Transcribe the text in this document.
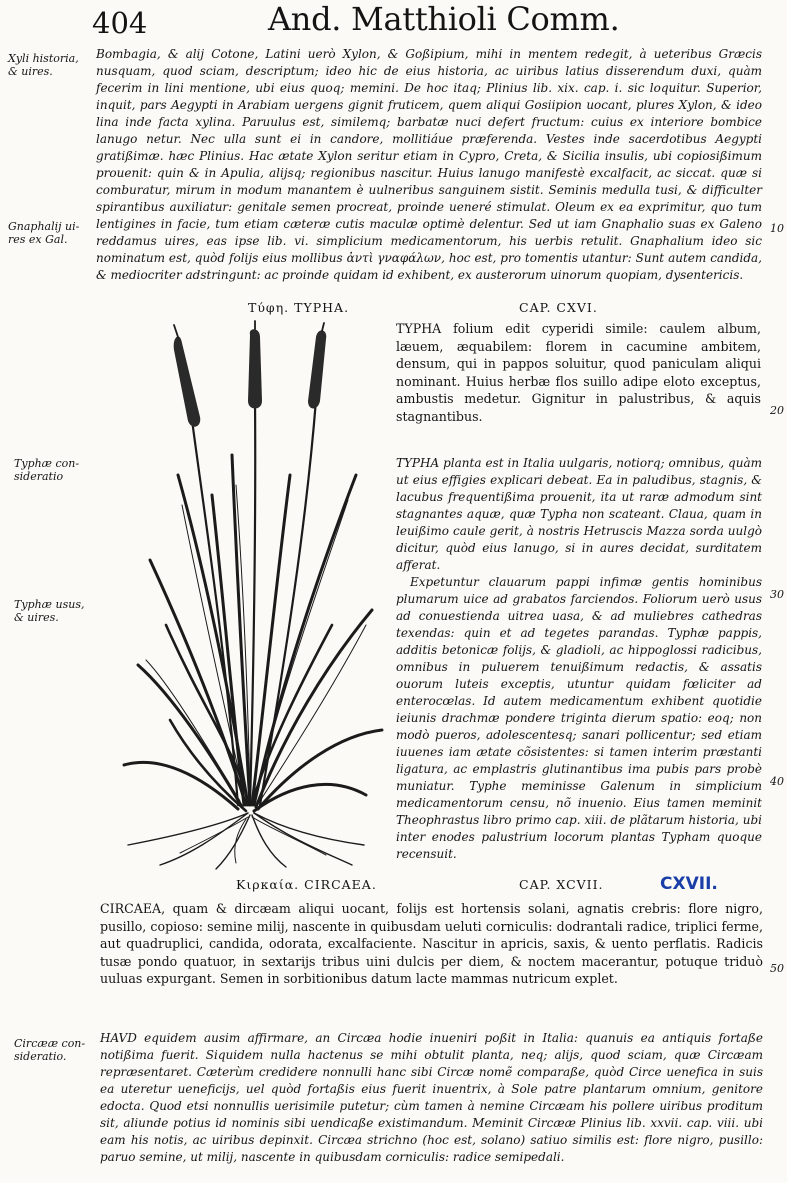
404	And. Matthioli Comm.
Xyli historia,
& uires.
Gnaphalij ui-
res ex Gal.
Typhæ con-
sideratio
Typhæ usus,
& uires.
Circææ con-
sideratio.
10
20
30
40
50
Bombagia, & alij Cotone, Latini uerò Xylon, & Goßipium, mihi in mentem redegit, à ueteribus Græcis nusquam, quod sciam, descriptum; ideo hic de eius historia, ac uiribus latius disserendum duxi, quàm fecerim in lini mentione, ubi eius quoq; memini. De hoc itaq; Plinius lib. xix. cap. i. sic loquitur. Superior, inquit, pars Aegypti in Arabiam uergens gignit fruticem, quem aliqui Gosiipion uocant, plures Xylon, & ideo lina inde facta xylina. Paruulus est, similemq; barbatæ nuci defert fructum: cuius ex interiore bombice lanugo netur. Nec ulla sunt ei in candore, mollitiáue præferenda. Vestes inde sacerdotibus Aegypti gratißimæ. hæc Plinius. Hac ætate Xylon seritur etiam in Cypro, Creta, & Sicilia insulis, ubi copiosißimum prouenit: quin & in Apulia, alijsq; regionibus nascitur. Huius lanugo manifestè excalfacit, ac siccat. quæ si comburatur, mirum in modum manantem è uulneribus sanguinem sistit. Seminis medulla tusi, & difficulter spirantibus auxiliatur: genitale semen procreat, proinde ueneré stimulat. Oleum ex ea exprimitur, quo tum lentigines in facie, tum etiam cæteræ cutis maculæ optimè delentur. Sed ut iam Gnaphalio suas ex Galeno reddamus uires, eas ipse lib. vi. simplicium medicamentorum, his uerbis retulit. Gnaphalium ideo sic nominatum est, quòd folijs eius mollibus ἀντὶ γναφάλων, hoc est, pro tomentis utantur: Sunt autem candida, & mediocriter adstringunt: ac proinde quidam id exhibent, ex austerorum uinorum quopiam, dysentericis.
Τύφη. TYPHA.	CAP. CXVI.
TYPHA folium edit cyperidi simile: caulem album, læuem, æquabilem: florem in cacumine ambitem, densum, qui in pappos soluitur, quod paniculam aliqui nominant. Huius herbæ flos suillo adipe eloto exceptus, ambustis medetur. Gignitur in palustribus, & aquis stagnantibus.

TYPHA planta est in Italia uulgaris, notiorq; omnibus, quàm ut eius effigies explicari debeat. Ea in paludibus, stagnis, & lacubus frequentißima prouenit, ita ut raræ admodum sint stagnantes aquæ, quæ Typha non scateant. Claua, quam in leuißimo caule gerit, à nostris Hetruscis Mazza sorda uulgò dicitur, quòd eius lanugo, si in aures decidat, surditatem afferat.

Expetuntur clauarum pappi infimæ gentis hominibus plumarum uice ad grabatos farciendos. Foliorum uerò usus ad conuestienda uitrea uasa, & ad muliebres cathedras texendas: quin et ad tegetes parandas. Typhæ pappis, additis betonicæ folijs, & gladioli, ac hippoglossi radicibus, omnibus in puluerem tenuißimum redactis, & assatis ouorum luteis exceptis, utuntur quidam fœliciter ad enterocœlas. Id autem medicamentum exhibent quotidie ieiunis drachmæ pondere triginta dierum spatio: eoq; non modò pueros, adolescentesq; sanari pollicentur; sed etiam iuuenes iam ætate cõsistentes: si tamen interim præstanti ligatura, ac emplastris glutinantibus ima pubis pars probè muniatur. Typhe meminisse Galenum in simplicium medicamentorum censu, nõ inuenio. Eius tamen meminit Theophrastus libro primo cap. xiii. de plãtarum historia, ubi inter enodes palustrium locorum plantas Typham quoque recensuit.

Κιρκαία. CIRCAEA.	CAP. XCVII.	CXVII.
CIRCAEA, quam & dircæam aliqui uocant, folijs est hortensis solani, agnatis crebris: flore nigro, pusillo, copioso: semine milij, nascente in quibusdam ueluti corniculis: dodrantali radice, triplici ferme, aut quadruplici, candida, odorata, excalfaciente. Nascitur in apricis, saxis, & uento perflatis. Radicis tusæ pondo quatuor, in sextarijs tribus uini dulcis per diem, & noctem macerantur, potuque triduò uuluas expurgant. Semen in sorbitionibus datum lacte mammas nutricum explet.
HAVD equidem ausim affirmare, an Circæa hodie inueniri poßit in Italia: quanuis ea antiquis fortaße notißima fuerit. Siquidem nulla hactenus se mihi obtulit planta, neq; alijs, quod sciam, quæ Circæam repræsentaret. Cæterùm credidere nonnulli hanc sibi Circæ nomẽ comparaße, quòd Circe uenefica in suis ea uteretur ueneficijs, uel quòd fortaßis eius fuerit inuentrix, à Sole patre plantarum omnium, genitore edocta. Quod etsi nonnullis uerisimile putetur; cùm tamen à nemine Circæam his pollere uiribus proditum sit, aliunde potius id nominis sibi uendicaße existimandum. Meminit Circææ Plinius lib. xxvii. cap. viii. ubi eam his notis, ac uiribus depinxit. Circæa strichno (hoc est, solano) satiuo similis est: flore nigro, pusillo: paruo semine, ut milij, nascente in quibusdam corniculis: radice semipedali.
